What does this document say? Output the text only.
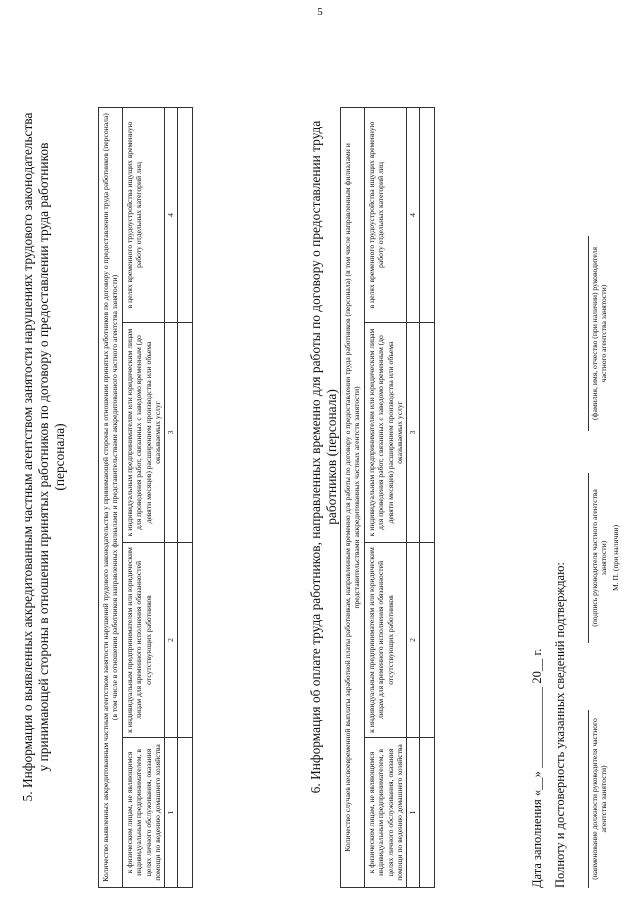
5

5. Информация о выявленных аккредитованным частным агентством занятости нарушениях трудового законодательства у принимающей стороны в отношении принятых работников по договору о предоставлении труда работников (персонала)	Количество выявленных аккредитованным частным агентством занятости нарушений трудового законодательства у принимающей стороны в отношении принятых работников по договору о предоставлении труда работников (персонала) (в том числе в отношении работников направленных филиалами и представительствами аккредитованного частного агентства занятости)			
к физическим лицам, не являющимся индивидуальным предпринимателем, в целях личного обслуживания, оказания помощи по ведению домашнего хозяйства	к индивидуальным предпринимателям или юридическим лицам для временного исполнения обязанностей отсутствующих работников	к индивидуальным предпринимателям или юридическим лицам для проведения работ, связанных с заведомо временным (до девяти месяцев) расширением производства или объема оказываемых услуг	в целях временного трудоустройства ищущих временную работу отдельных категорий лиц
1	2	3	4
				6. Информация об оплате труда работников, направленных временно для работы по договору о предоставлении труда работников (персонала) Количество случаев несвоевременной выплаты заработной платы работникам, направленным временно для работы по договору о предоставлении труда работников (персонала) (в том числе направленным филиалами и представительствами аккредитованных частных агентств занятости)			
к физическим лицам, не являющимся индивидуальным предпринимателем, в целях личного обслуживания, оказания помощи по ведению домашнего хозяйства	к индивидуальным предпринимателям или юридическим лицам для временного исполнения обязанностей отсутствующих работников	к индивидуальным предпринимателям или юридическим лицам для проведения работ, связанных с заведомо временным (до девяти месяцев) расширением производства или объема оказываемых услуг	в целях временного трудоустройства ищущих временную работу отдельных категорий лиц
1	2	3	4

Дата заполнения «__» _____________ 20__ г. Полноту и достоверность указанных сведений подтверждаю:	(наименование должности руководителя частного агентства занятости)
(подпись руководителя частного агентства занятости) М. П. (при наличии)
(фамилия, имя, отчество (при наличии) руководителя частного агентства занятости)
